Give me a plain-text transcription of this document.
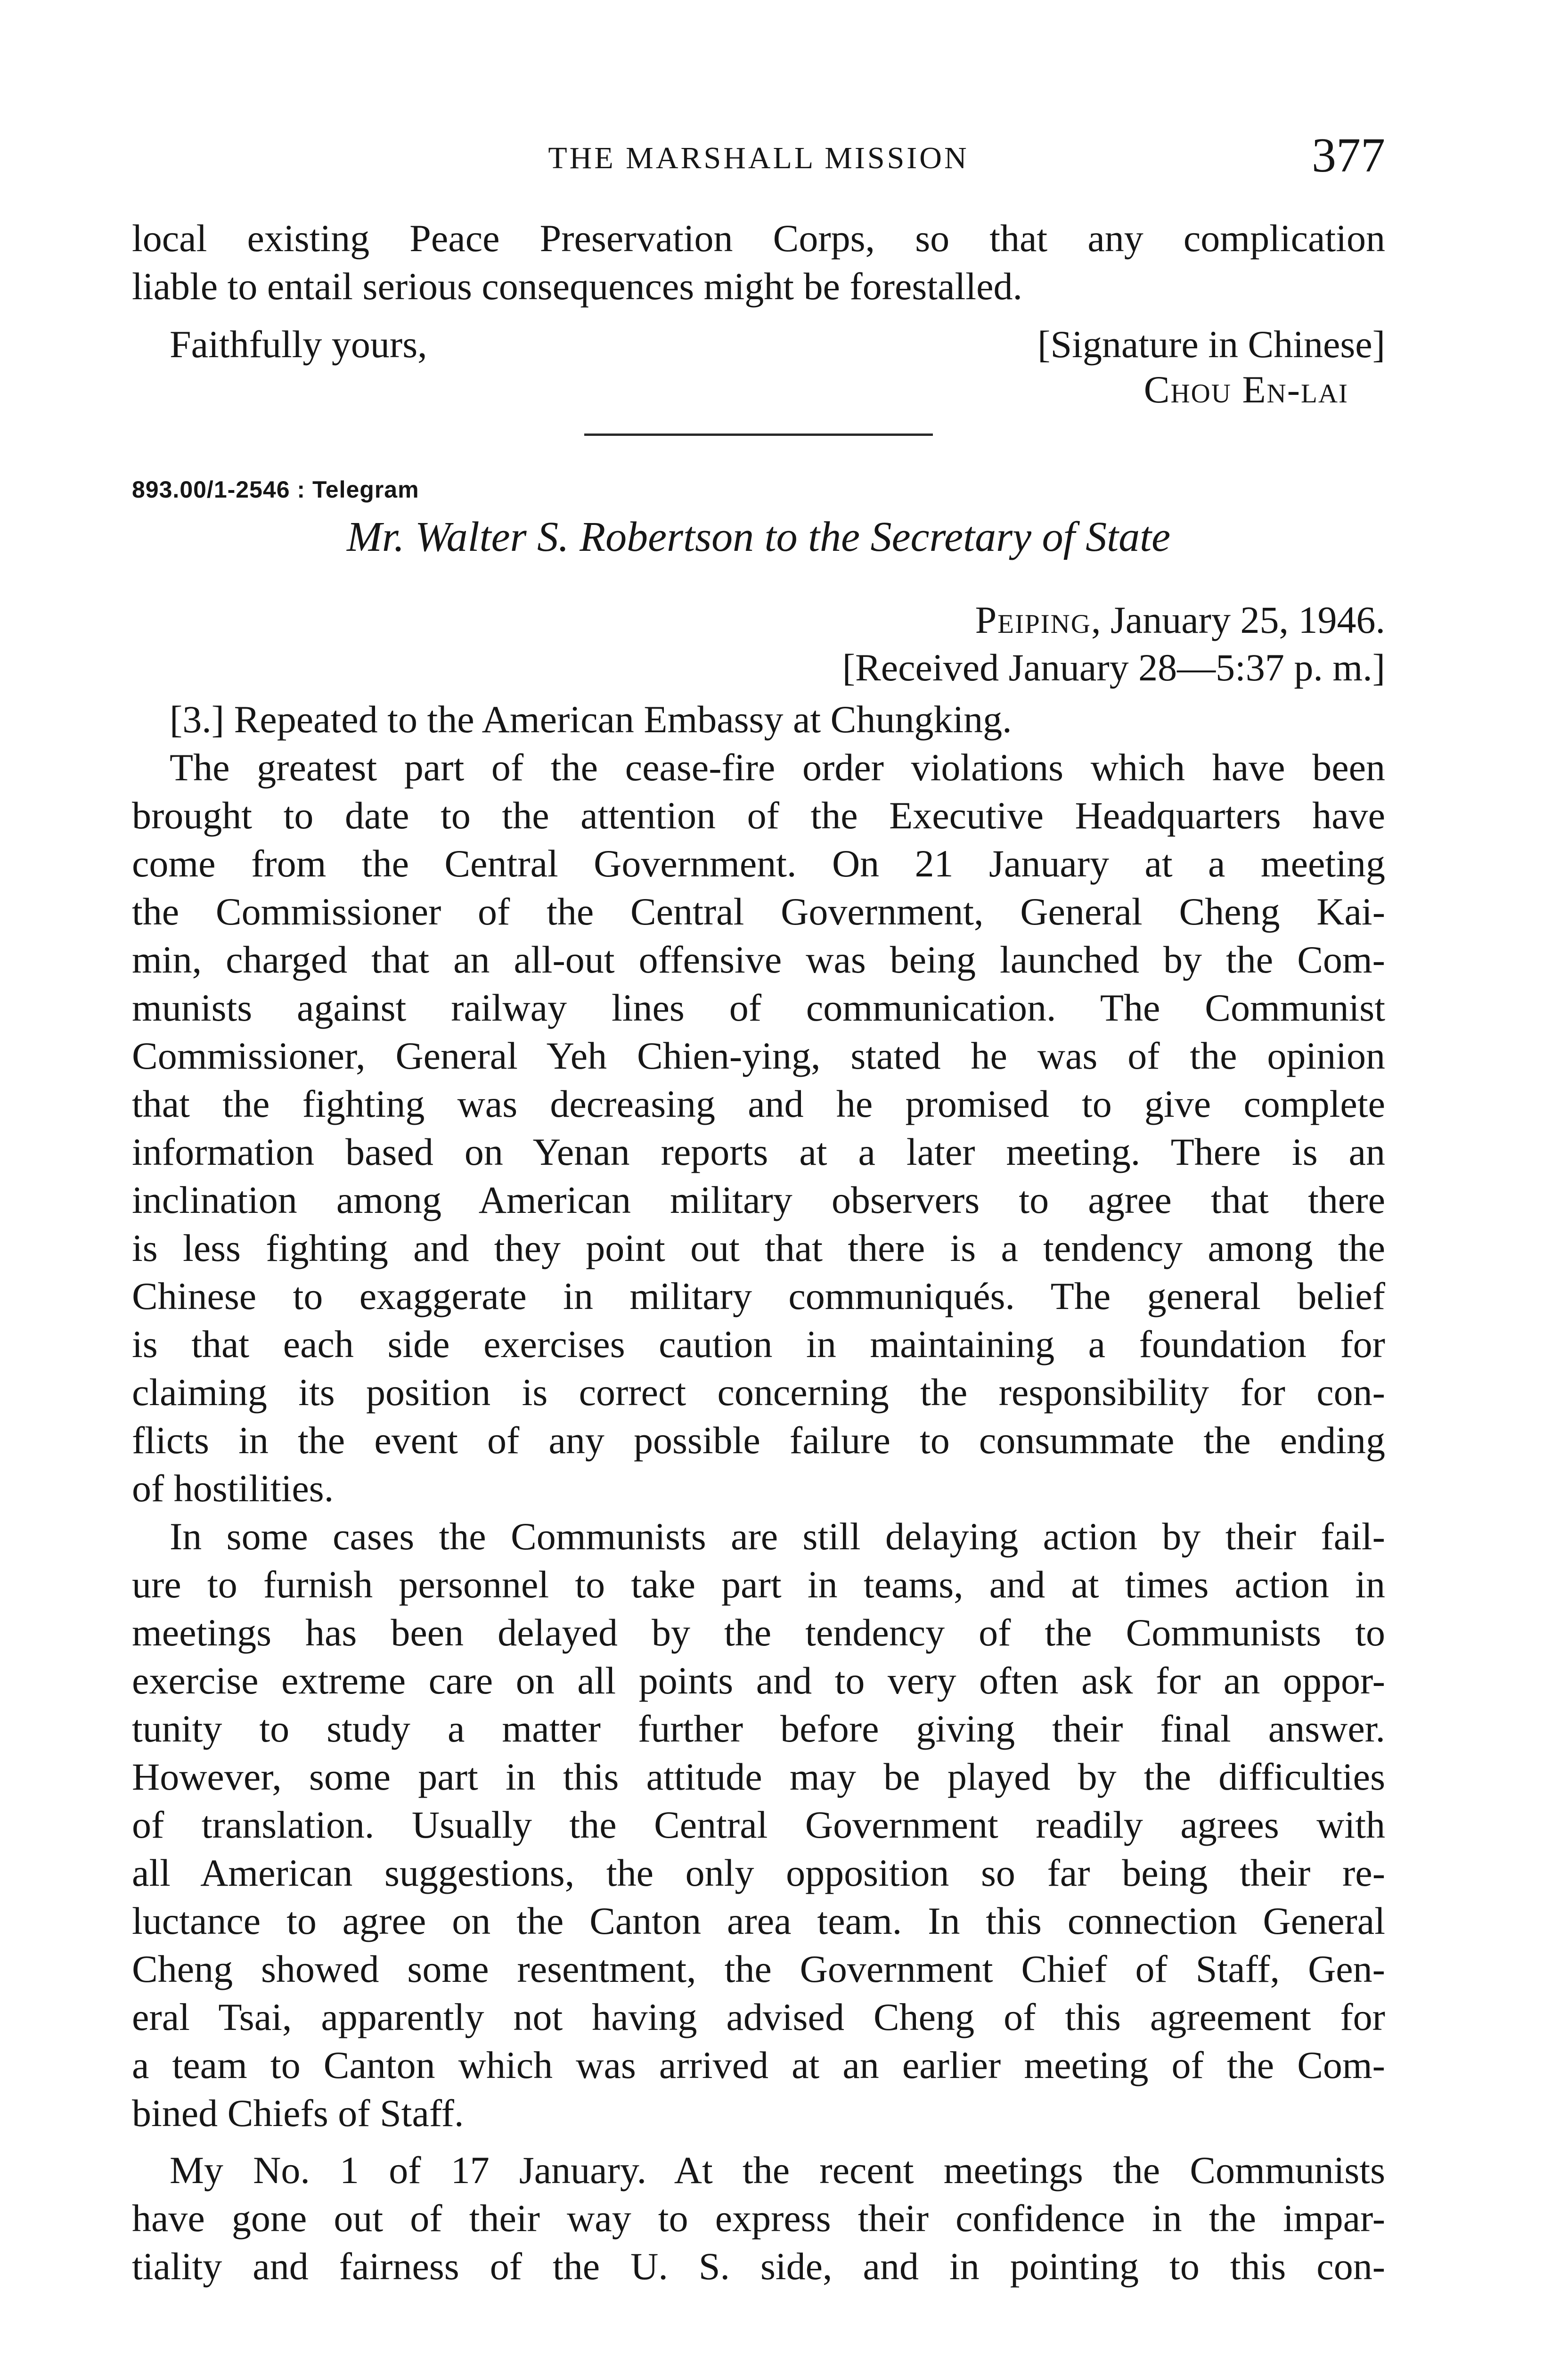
THE MARSHALL MISSION	377
local existing Peace Preservation Corps, so that any complication
liable to entail serious consequences might be forestalled.
Faithfully yours,	[Signature in Chinese]
Chou En-lai
893.00/1-2546 : Telegram
Mr. Walter S. Robertson to the Secretary of State
Peiping, January 25, 1946.
[Received January 28—5:37 p. m.]
[3.] Repeated to the American Embassy at Chungking.
The greatest part of the cease-fire order violations which have been
brought to date to the attention of the Executive Headquarters have
come from the Central Government. On 21 January at a meeting
the Commissioner of the Central Government, General Cheng Kai-
min, charged that an all-out offensive was being launched by the Com-
munists against railway lines of communication. The Communist
Commissioner, General Yeh Chien-ying, stated he was of the opinion
that the fighting was decreasing and he promised to give complete
information based on Yenan reports at a later meeting. There is an
inclination among American military observers to agree that there
is less fighting and they point out that there is a tendency among the
Chinese to exaggerate in military communiqués. The general belief
is that each side exercises caution in maintaining a foundation for
claiming its position is correct concerning the responsibility for con-
flicts in the event of any possible failure to consummate the ending
of hostilities.
In some cases the Communists are still delaying action by their fail-
ure to furnish personnel to take part in teams, and at times action in
meetings has been delayed by the tendency of the Communists to
exercise extreme care on all points and to very often ask for an oppor-
tunity to study a matter further before giving their final answer.
However, some part in this attitude may be played by the difficulties
of translation. Usually the Central Government readily agrees with
all American suggestions, the only opposition so far being their re-
luctance to agree on the Canton area team. In this connection General
Cheng showed some resentment, the Government Chief of Staff, Gen-
eral Tsai, apparently not having advised Cheng of this agreement for
a team to Canton which was arrived at an earlier meeting of the Com-
bined Chiefs of Staff.
My No. 1 of 17 January. At the recent meetings the Communists
have gone out of their way to express their confidence in the impar-
tiality and fairness of the U. S. side, and in pointing to this con-
